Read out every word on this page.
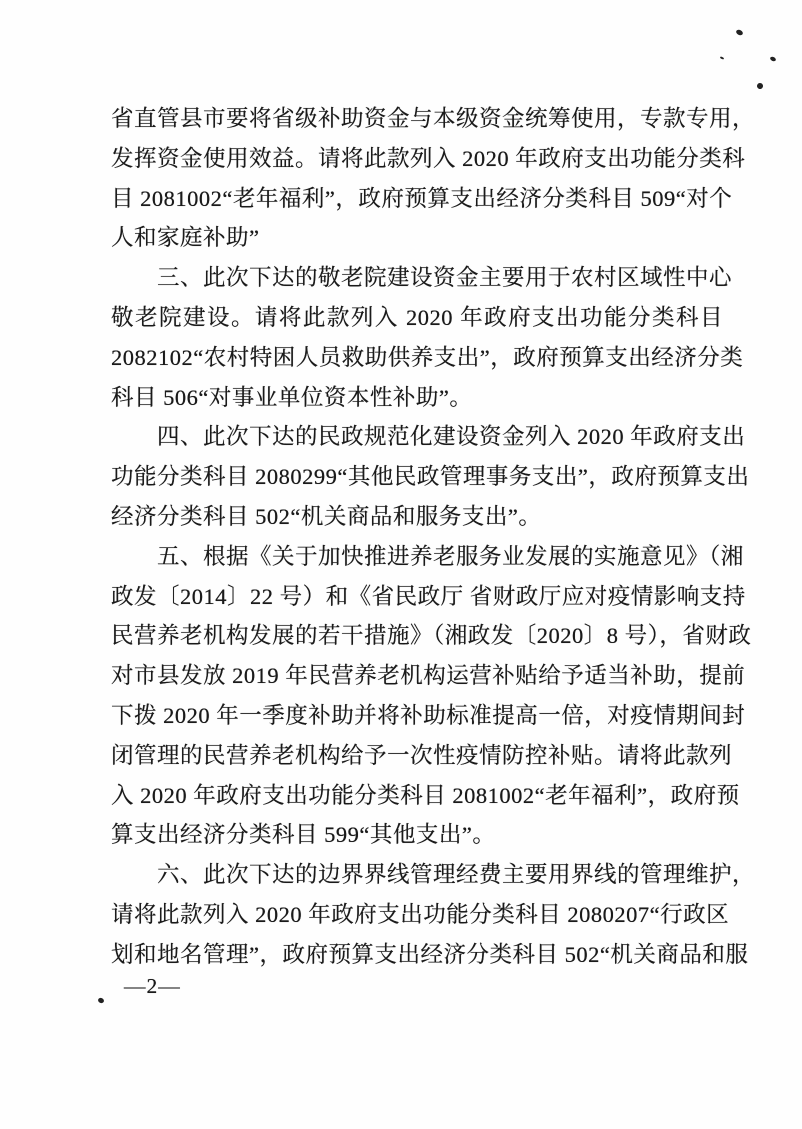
省直管县市要将省级补助资金与本级资金统筹使用，专款专用，
发挥资金使用效益。请将此款列入 2020 年政府支出功能分类科
目 2081002“老年福利”，政府预算支出经济分类科目 509“对个
人和家庭补助”
三、此次下达的敬老院建设资金主要用于农村区域性中心
敬老院建设。请将此款列入 2020 年政府支出功能分类科目
2082102“农村特困人员救助供养支出”，政府预算支出经济分类
科目 506“对事业单位资本性补助”。
四、此次下达的民政规范化建设资金列入 2020 年政府支出
功能分类科目 2080299“其他民政管理事务支出”，政府预算支出
经济分类科目 502“机关商品和服务支出”。
五、根据《关于加快推进养老服务业发展的实施意见》（湘
政发〔2014〕22 号）和《省民政厅 省财政厅应对疫情影响支持
民营养老机构发展的若干措施》（湘政发〔2020〕8 号），省财政
对市县发放 2019 年民营养老机构运营补贴给予适当补助，提前
下拨 2020 年一季度补助并将补助标准提高一倍，对疫情期间封
闭管理的民营养老机构给予一次性疫情防控补贴。请将此款列
入 2020 年政府支出功能分类科目 2081002“老年福利”，政府预
算支出经济分类科目 599“其他支出”。
六、此次下达的边界界线管理经费主要用界线的管理维护，
请将此款列入 2020 年政府支出功能分类科目 2080207“行政区
划和地名管理”，政府预算支出经济分类科目 502“机关商品和服
—2—
